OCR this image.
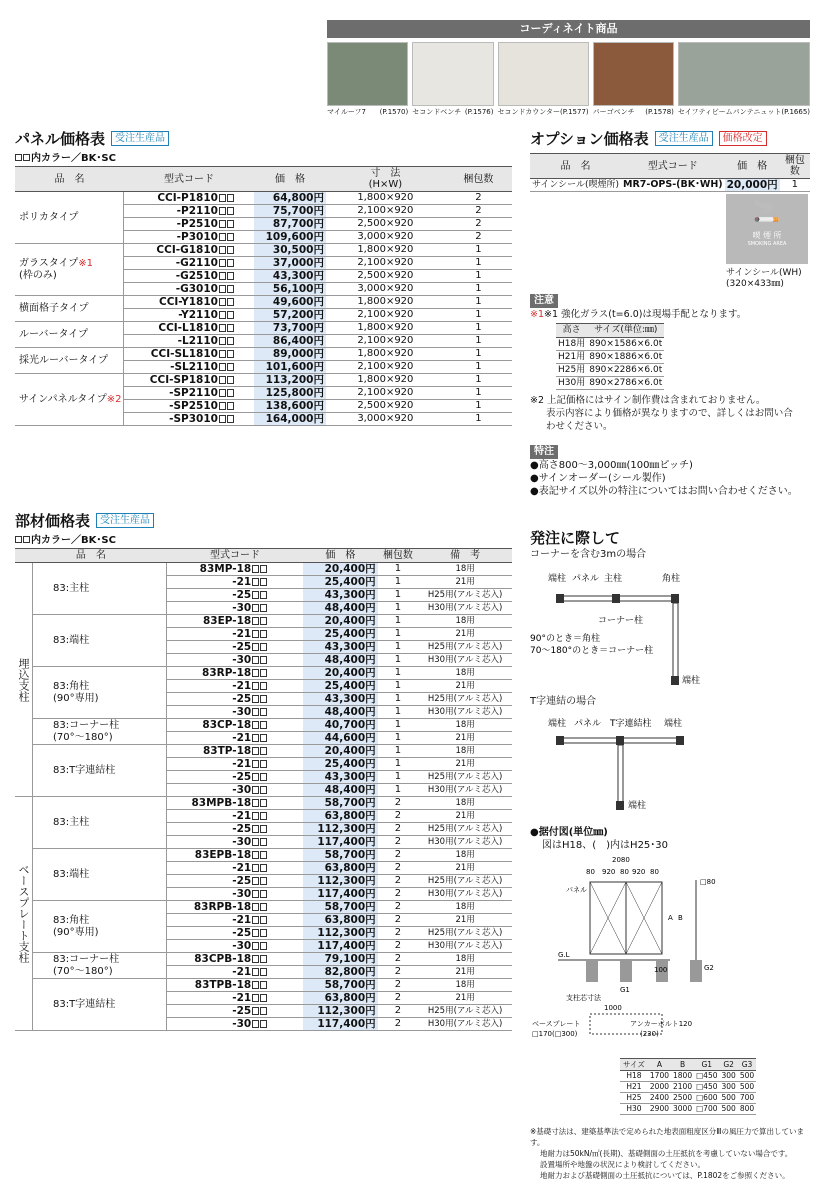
コーディネイト商品
マイルーフ7 (P.1570) セコンドベンチ (P.1576) セコンドカウンター (P.1577) パーゴベンチ (P.1578) セイフティビームパンテニュット (P.1665)
パネル価格表	受注生産品
内カラー／BK･SC
品　名	型式コード	価　格	寸　法
(H×W)	梱包数
ポリカタイプ	CCI-P1810	64,800円	1,800×920	2
	-P2110	75,700円	2,100×920	2
	-P2510	87,700円	2,500×920	2
	-P3010	109,600円	3,000×920	2
ガラスタイプ※1
(枠のみ)	CCI-G1810	30,500円	1,800×920	1
	-G2110	37,000円	2,100×920	1
	-G2510	43,300円	2,500×920	1
	-G3010	56,100円	3,000×920	1
横面格子タイプ	CCI-Y1810	49,600円	1,800×920	1
	-Y2110	57,200円	2,100×920	1
ルーバータイプ	CCI-L1810	73,700円	1,800×920	1
	-L2110	86,400円	2,100×920	1
採光ルーバータイプ	CCI-SL1810	89,000円	1,800×920	1
	-SL2110	101,600円	2,100×920	1
サインパネルタイプ※2	CCI-SP1810	113,200円	1,800×920	1
	-SP2110	125,800円	2,100×920	1
	-SP2510	138,600円	2,500×920	1
	-SP3010	164,000円	3,000×920	1
部材価格表	受注生産品
内カラー／BK･SC
品　名		型式コード	価　格	梱包数	備　考
埋込支柱	83:主柱	83MP-18	20,400円	1	18用
		-21	25,400円	1	21用
		-25	43,300円	1	H25用(アルミ芯入)
		-30	48,400円	1	H30用(アルミ芯入)

	83:端柱	83EP-18	20,400円	1	18用
		-21	25,400円	1	21用
		-25	43,300円	1	H25用(アルミ芯入)
		-30	48,400円	1	H30用(アルミ芯入)

	83:角柱
(90°専用)	83RP-18	20,400円	1	18用
		-21	25,400円	1	21用
		-25	43,300円	1	H25用(アルミ芯入)
		-30	48,400円	1	H30用(アルミ芯入)

	83:コーナー柱
(70°～180°)	83CP-18	40,700円	1	18用
		-21	44,600円	1	21用

	83:T字連結柱	83TP-18	20,400円	1	18用
		-21	25,400円	1	21用
		-25	43,300円	1	H25用(アルミ芯入)
		-30	48,400円	1	H30用(アルミ芯入)
ベースプレート支柱	83:主柱	83MPB-18	58,700円	2	18用
		-21	63,800円	2	21用
		-25	112,300円	2	H25用(アルミ芯入)
		-30	117,400円	2	H30用(アルミ芯入)

	83:端柱	83EPB-18	58,700円	2	18用
		-21	63,800円	2	21用
		-25	112,300円	2	H25用(アルミ芯入)
		-30	117,400円	2	H30用(アルミ芯入)

	83:角柱
(90°専用)	83RPB-18	58,700円	2	18用
		-21	63,800円	2	21用
		-25	112,300円	2	H25用(アルミ芯入)
		-30	117,400円	2	H30用(アルミ芯入)

	83:コーナー柱
(70°～180°)	83CPB-18	79,100円	2	18用
		-21	82,800円	2	21用

	83:T字連結柱	83TPB-18	58,700円	2	18用
		-21	63,800円	2	21用
		-25	112,300円	2	H25用(アルミ芯入)
		-30	117,400円	2	H30用(アルミ芯入)
オプション価格表	受注生産品	価格改定
品　名	型式コード	価　格	梱包数
サインシール(喫煙所)	MR7-OPS-(BK･WH)	20,000円	1
🚬
喫 煙 所
SMOKING AREA
サインシール(WH)
(320×433㎜)
注意
※1※1 強化ガラス(t=6.0)は現場手配となります。
高さ	サイズ(単位:㎜)
H18用	890×1586×6.0t
H21用	890×1886×6.0t
H25用	890×2286×6.0t
H30用	890×2786×6.0t
※2 上記価格にはサイン制作費は含まれておりません。
表示内容により価格が異なりますので、詳しくはお問い合
わせください。
特注
●高さ800～3,000㎜(100㎜ピッチ)
●サインオーダー(シール製作)
●表記サイズ以外の特注についてはお問い合わせください。
発注に際して
コーナーを含む3mの場合
端柱 パネル 主柱	角柱
コーナー柱
90°のとき＝角柱
70～180°のとき＝コーナー柱
端柱
T字連結の場合
端柱 パネル T字連結柱 端柱
端柱
●据付図(単位㎜)
図はH18、(　)内はH25･30
2080
80 920 80 920 80
パネル
A B
□80
G.L
100	G2
G1
支柱芯寸法
1000
ベースプレート
□170(□300)
アンカーボルト120
(230)
サイズ	A	B	G1	G2	G3
H18	1700	1800	□450	300	500
H21	2000	2100	□450	300	500
H25	2400	2500	□600	500	700
H30	2900	3000	□700	500	800
※基礎寸法は、建築基準法で定められた地表面粗度区分Ⅲの風圧力で算出しています。
地耐力は50kN/㎡(長期)、基礎側面の土圧抵抗を考慮していない場合です。
設置場所や地盤の状況により検討してください。
地耐力および基礎側面の土圧抵抗については、P.1802をご参照ください。
